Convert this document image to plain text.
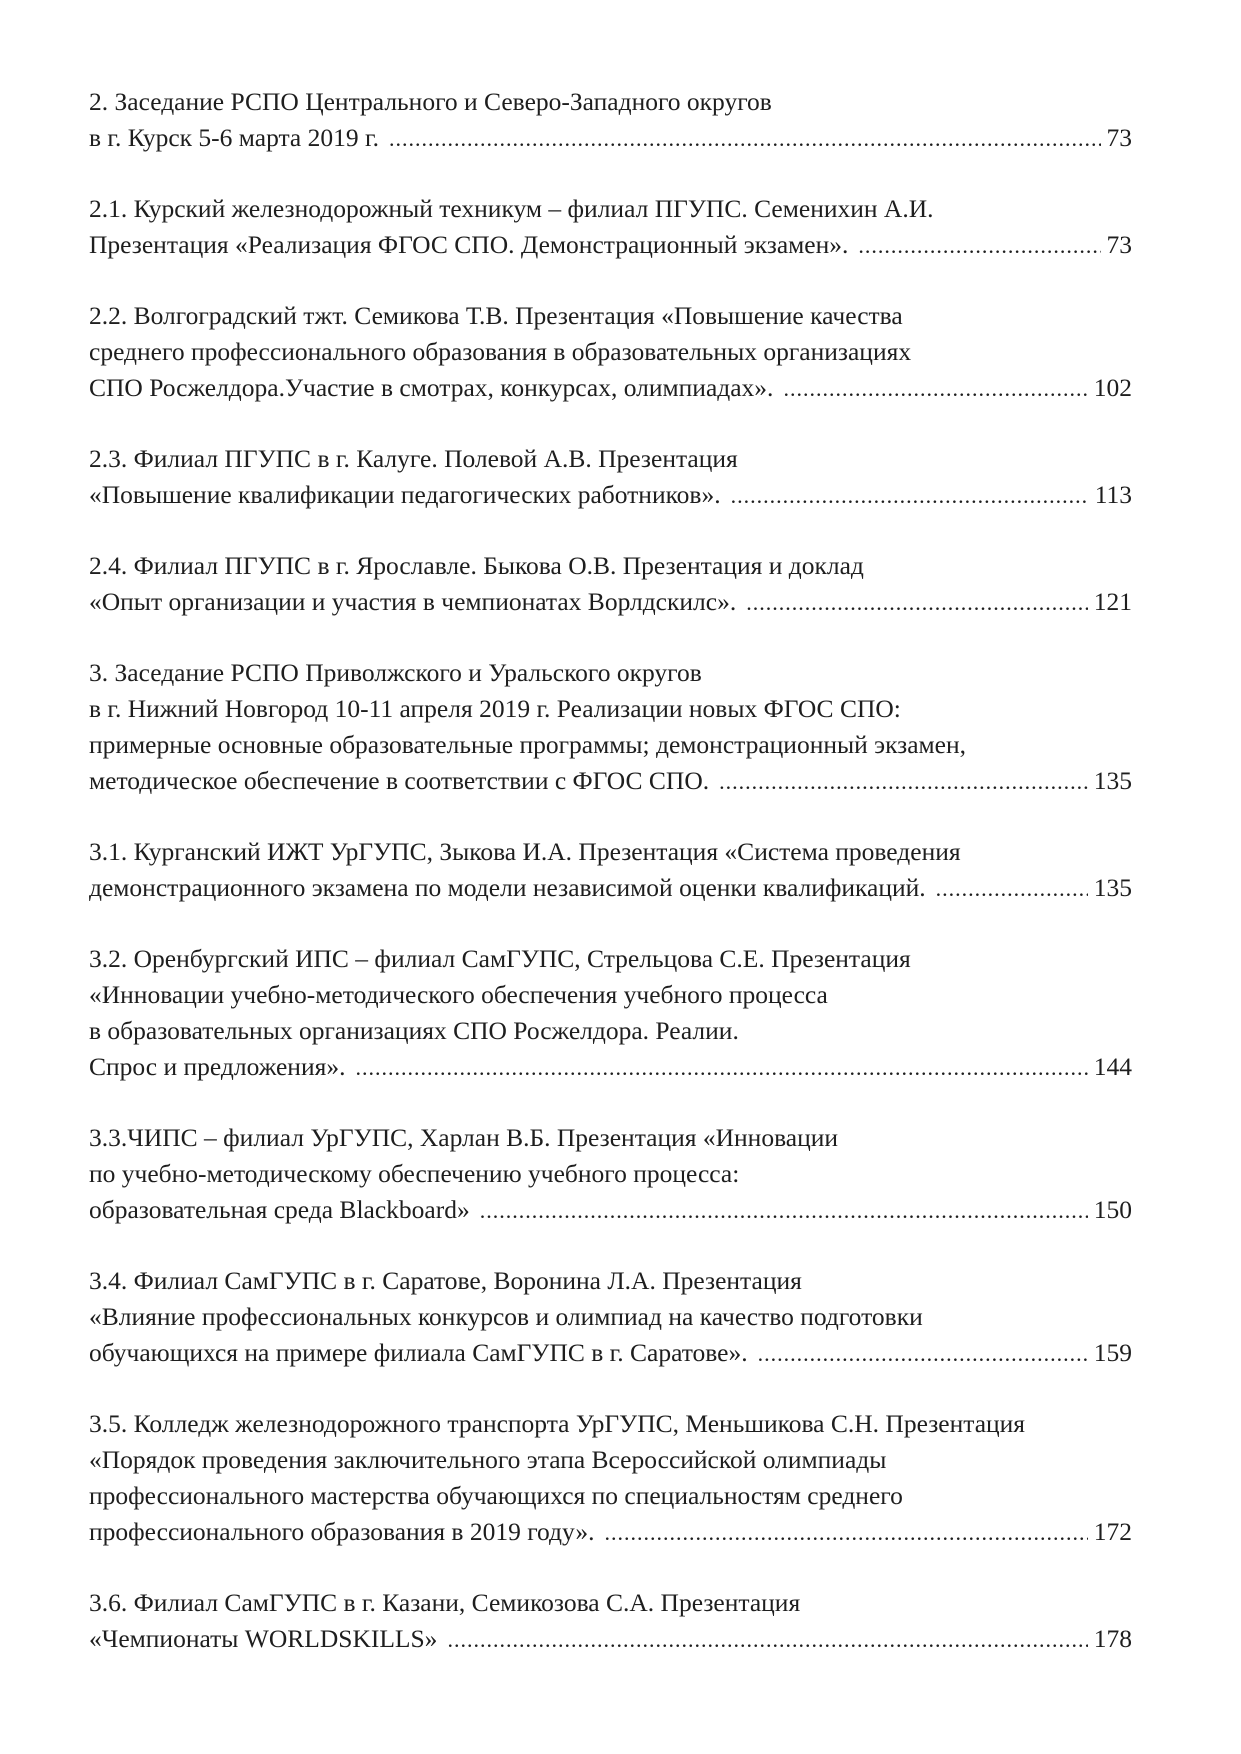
2. Заседание РСПО Центрального и Северо-Западного округов
в г. Курск 5-6 марта 2019 г. .....	73
2.1. Курский железнодорожный техникум – филиал ПГУПС. Семенихин А.И.
Презентация «Реализация ФГОС СПО. Демонстрационный экзамен». .....	73
2.2. Волгоградский тжт. Семикова Т.В. Презентация «Повышение качества
среднего профессионального образования в образовательных организациях
СПО Росжелдора.Участие в смотрах, конкурсах, олимпиадах». .....	102
2.3. Филиал ПГУПС в г. Калуге. Полевой А.В. Презентация
«Повышение квалификации педагогических работников». .....	113
2.4. Филиал ПГУПС в г. Ярославле. Быкова О.В. Презентация и доклад
«Опыт организации и участия в чемпионатах Ворлдскилс». .....	121
3. Заседание РСПО Приволжского и Уральского округов
в г. Нижний Новгород 10-11 апреля 2019 г. Реализации новых ФГОС СПО:
примерные основные образовательные программы; демонстрационный экзамен,
методическое обеспечение в соответствии с ФГОС СПО. .....	135
3.1. Курганский ИЖТ УрГУПС, Зыкова И.А. Презентация «Система проведения
демонстрационного экзамена по модели независимой оценки квалификаций. .....	135
3.2. Оренбургский ИПС – филиал СамГУПС, Стрельцова С.Е. Презентация
«Инновации учебно-методического обеспечения учебного процесса
в образовательных организациях СПО Росжелдора. Реалии.
Спрос и предложения». .....	144
3.3.ЧИПС – филиал УрГУПС, Харлан В.Б. Презентация «Инновации
по учебно-методическому обеспечению учебного процесса:
образовательная среда Blackboard» .....	150
3.4. Филиал СамГУПС в г. Саратове, Воронина Л.А. Презентация
«Влияние профессиональных конкурсов и олимпиад на качество подготовки
обучающихся на примере филиала СамГУПС в г. Саратове». .....	159
3.5. Колледж железнодорожного транспорта УрГУПС, Меньшикова С.Н. Презентация
«Порядок проведения заключительного этапа Всероссийской олимпиады
профессионального мастерства обучающихся по специальностям среднего
профессионального образования в 2019 году». .....	172
3.6. Филиал СамГУПС в г. Казани, Семикозова С.А. Презентация
«Чемпионаты WORLDSKILLS» .....	178
